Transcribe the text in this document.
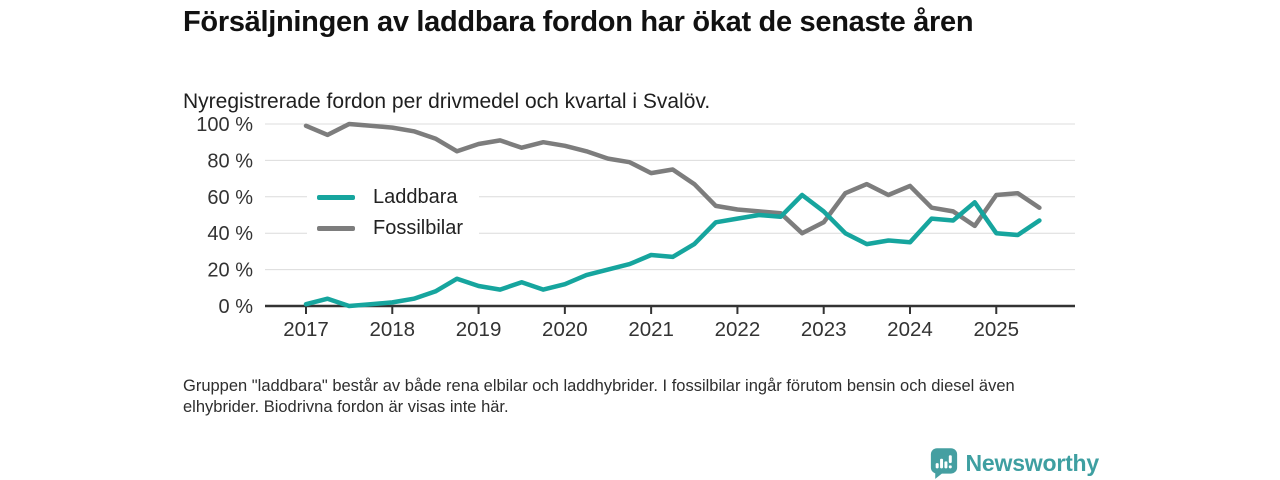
Försäljningen av laddbara fordon har ökat de senaste åren
Nyregistrerade fordon per drivmedel och kvartal i Svalöv.
0 %
20 %
40 %
60 %
80 %
100 %
2017 2018 2019 2020 2021 2022 2023 2024 2025
Laddbara
Fossilbilar
Gruppen "laddbara" består av både rena elbilar och laddhybrider. I fossilbilar ingår förutom bensin och diesel även elhybrider. Biodrivna fordon är visas inte här.
Newsworthy
